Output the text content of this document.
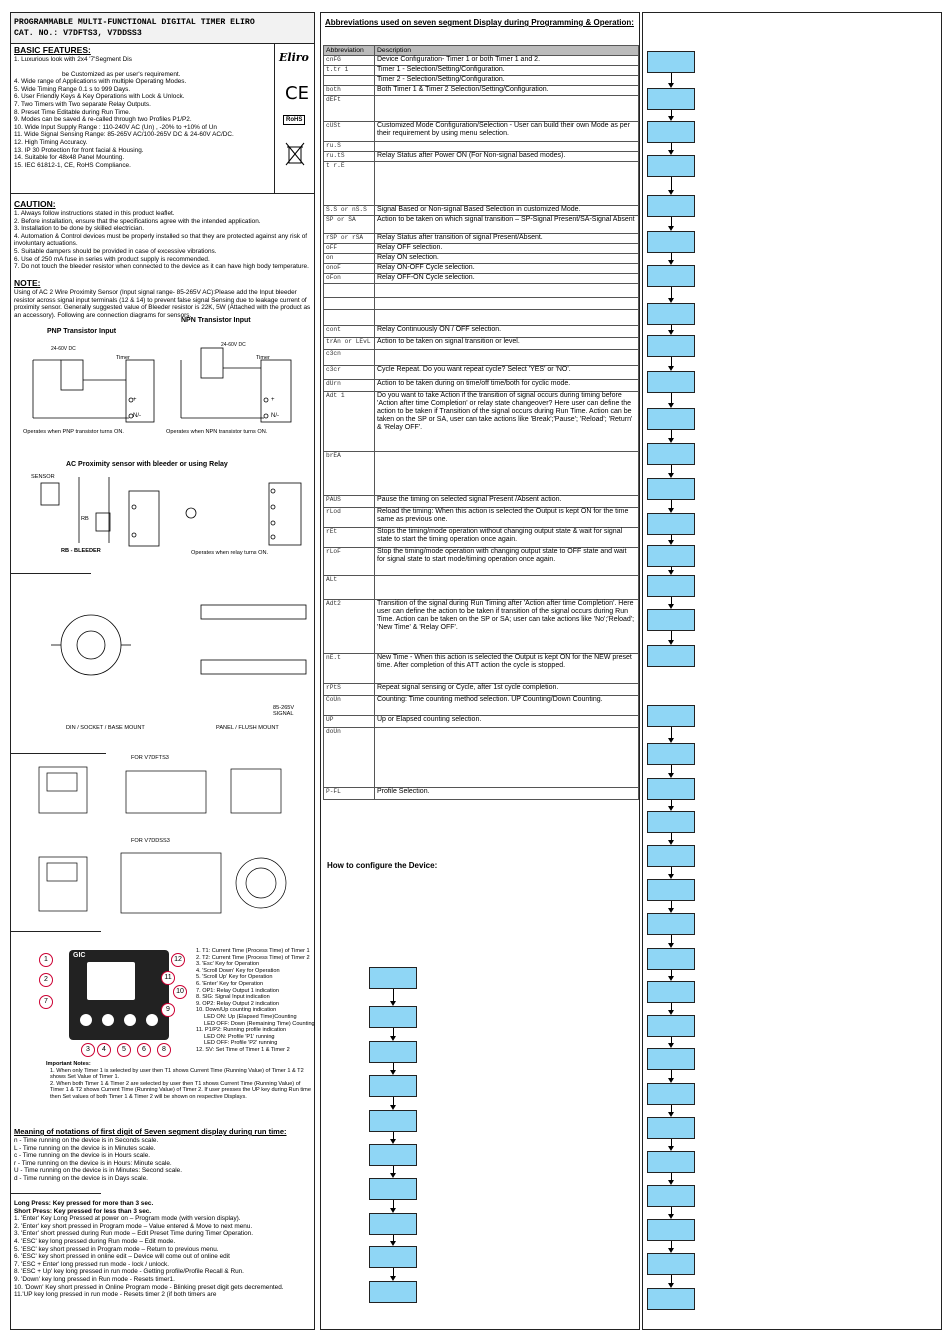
PROGRAMMABLE MULTI-FUNCTIONAL DIGITAL TIMER ELIRO
CAT. NO.: V7DFTS3, V7DDSS3
BASIC FEATURES:
1. Luxurious look with 2x4 '7'Segment Dis
be Customized as per user's requirement.
4. Wide range of Applications with multiple Operating Modes.
5. Wide Timing Range 0.1 s to 999 Days.
6. User Friendly Keys & Key Operations with Lock & Unlock.
7. Two Timers with Two separate Relay Outputs.
8. Preset Time Editable during Run Time.
9. Modes can be saved & re-called through two Profiles P1/P2.
10. Wide Input Supply Range : 110-240V AC (Un) , -20% to +10% of Un
11. Wide Signal Sensing Range: 85-265V AC/100-265V DC & 24-60V AC/DC.
12. High Timing Accuracy.
13. IP 30 Protection for front facial & Housing.
14. Suitable for 48x48 Panel Mounting.
15. IEC 61812-1, CE, RoHS Compliance.
Eliro
CE
RoHS
CAUTION:
1. Always follow instructions stated in this product leaflet.
2. Before installation, ensure that the specifications agree with the intended application.
3. Installation to be done by skilled electrician.
4. Automation & Control devices must be properly installed so that they are protected against any risk of involuntary actuations.
5. Suitable dampers should be provided in case of excessive vibrations.
6. Use of 250 mA fuse in series with product supply is recommended.
7. Do not touch the bleeder resistor when connected to the device as it can have high body temperature.
NOTE:
Using of AC 2 Wire Proximity Sensor (Input signal range- 85-265V AC):Please add the Input bleeder resistor across signal input terminals (12 & 14) to prevent false signal Sensing due to leakage current of proximity sensor. Generally suggested value of Bleeder resistor is 22K, 5W (Attached with the product as an accessory). Following are connection diagrams for sensors.
PNP Transistor Input
NPN Transistor Input
24-60V DC
24-60V DC
Timer	Timer
+
N/-
+
N/-
Operates when PNP transistor turns ON.	Operates when NPN transistor turns ON.
AC Proximity sensor with bleeder or using Relay
SENSOR
RB
RB - BLEEDER	Operates when relay turns ON.
DIN / SOCKET / BASE MOUNT	PANEL / FLUSH MOUNT
85-265V SIGNAL
FOR V7DFTS3
FOR V7DDSS3
GIC
1
2
7
3	4	5	6	8
12
11
10
9
1. T1: Current Time (Process Time) of Timer 1
2. T2: Current Time (Process Time) of Timer 2
3. 'Esc' Key for Operation
4. 'Scroll Down' Key for Operation
5. 'Scroll Up' Key for Operation
6. 'Enter' Key for Operation
7. OP1: Relay Output 1 indication
8. SIG: Signal Input indication
9. OP2: Relay Output 2 indication
10. Down/Up counting indication
LED ON: Up (Elapsed Time)Counting
LED OFF: Down (Remaining Time) Counting
11. P1/P2: Running profile indication
LED ON: Profile 'P1' running
LED OFF: Profile 'P2' running
12. SV: Set Time of Timer 1 & Timer 2
Important Notes:
1. When only Timer 1 is selected by user then T1 shows Current Time (Running Value) of Timer 1 & T2 shows Set Value of Timer 1.
2. When both Timer 1 & Timer 2 are selected by user then T1 shows Current Time (Running Value) of Timer 1 & T2 shows Current Time (Running Value) of Timer 2. If user presses the UP key during Run time then Set values of both Timer 1 & Timer 2 will be shown on respective Displays.
Meaning of notations of first digit of Seven segment display during run time:
n - Time running on the device is in Seconds scale.
L - Time running on the device is in Minutes scale.
c - Time running on the device is in Hours scale.
r - Time running on the device is in Hours: Minute scale.
U - Time running on the device is in Minutes: Second scale.
d - Time running on the device is in Days scale.
Long Press: Key pressed for more than 3 sec.
Short Press: Key pressed for less than 3 sec.
1. 'Enter' Key Long Pressed at power on – Program mode (with version display).
2. 'Enter' key short pressed in Program mode – Value entered & Move to next menu.
3. 'Enter' short pressed during Run mode – Edit Preset Time during Timer Operation.
4. 'ESC' key long pressed during Run mode – Edit mode.
5. 'ESC' key short pressed in Program mode – Return to previous menu.
6. 'ESC' key short pressed in online edit – Device will come out of online edit
7. 'ESC + Enter' long pressed run mode - lock / unlock.
8. 'ESC + Up' key long pressed in run mode - Getting profile/Profile Recall & Run.
9. 'Down' key long pressed in Run mode - Resets timer1.
10. 'Down' Key short pressed in Online Program mode - Blinking preset digit gets decremented.
11.'UP key long pressed in run mode - Resets timer 2 (if both timers are
Abbreviations used on seven segment Display during Programming & Operation:
Abbreviation	Description
cnFG	Device Configuration- Timer 1 or both Timer 1 and 2.
t.tr 1	Timer 1 - Selection/Setting/Configuration.
	Timer 2 - Selection/Setting/Configuration.
both	Both Timer 1 & Timer 2 Selection/Setting/Configuration.
dEFt	
cUSt	Customized Mode Configuration/Selection - User can build their own Mode as per their requirement by using menu selection.
ru.S	
ru.tS	Relay Status after Power ON (For Non-signal based modes).
t r.E	
S.S or nS.S	Signal Based or Non-signal Based Selection in customized Mode.
SP or SA	Action to be taken on which signal transition – SP-Signal Present/SA-Signal Absent
rSP or rSA	Relay Status after transition of signal Present/Absent.
oFF	Relay OFF selection.
on	Relay ON selection.
onoF	Relay ON-OFF Cycle selection.
oFon	Relay OFF-ON Cycle selection.

cont	Relay Continuously ON / OFF selection.
trAn or LEvL	Action to be taken on signal transition or level.
c3cn	
c3cr	Cycle Repeat. Do you want repeat cycle? Select 'YES' or 'NO'.
dUrn	Action to be taken during on time/off time/both for cyclic mode.
Adt 1	Do you want to take Action if the transition of signal occurs during timing before 'Action after time Completion' or relay state changeover? Here user can define the action to be taken if Transition of the signal occurs during Run Time. Action can be taken on the SP or SA, user can take actions like 'Break';'Pause'; 'Reload'; 'Return' & 'Relay OFF'.
brEA	
PAUS	Pause the timing on selected signal Present /Absent action.
rLod	Reload the timing: When this action is selected the Output is kept ON for the time same as previous one.
rEt	Stops the timing/mode operation without changing output state & wait for signal state to start the timing operation once again.
rLoF	Stop the timing/mode operation with changing output state to OFF state and wait for signal state to start mode/timing operation once again.
ALt	
Adt2	Transition of the signal during Run Timing after 'Action after time Completion'. Here user can define the action to be taken if transition of the signal occurs during Run Time. Action can be taken on the SP or SA; user can take actions like 'No';'Reload'; 'New Time' & 'Relay OFF'.
nE.t	New Time - When this action is selected the Output is kept ON for the NEW preset time. After completion of this ATT action the cycle is stopped.
rPtS	Repeat signal sensing or Cycle, after 1st cycle completion.
CoUn	Counting: Time counting method selection. UP Counting/Down Counting.
UP	Up or Elapsed counting selection.
doUn	
P-FL	Profile Selection.
How to configure the Device:
